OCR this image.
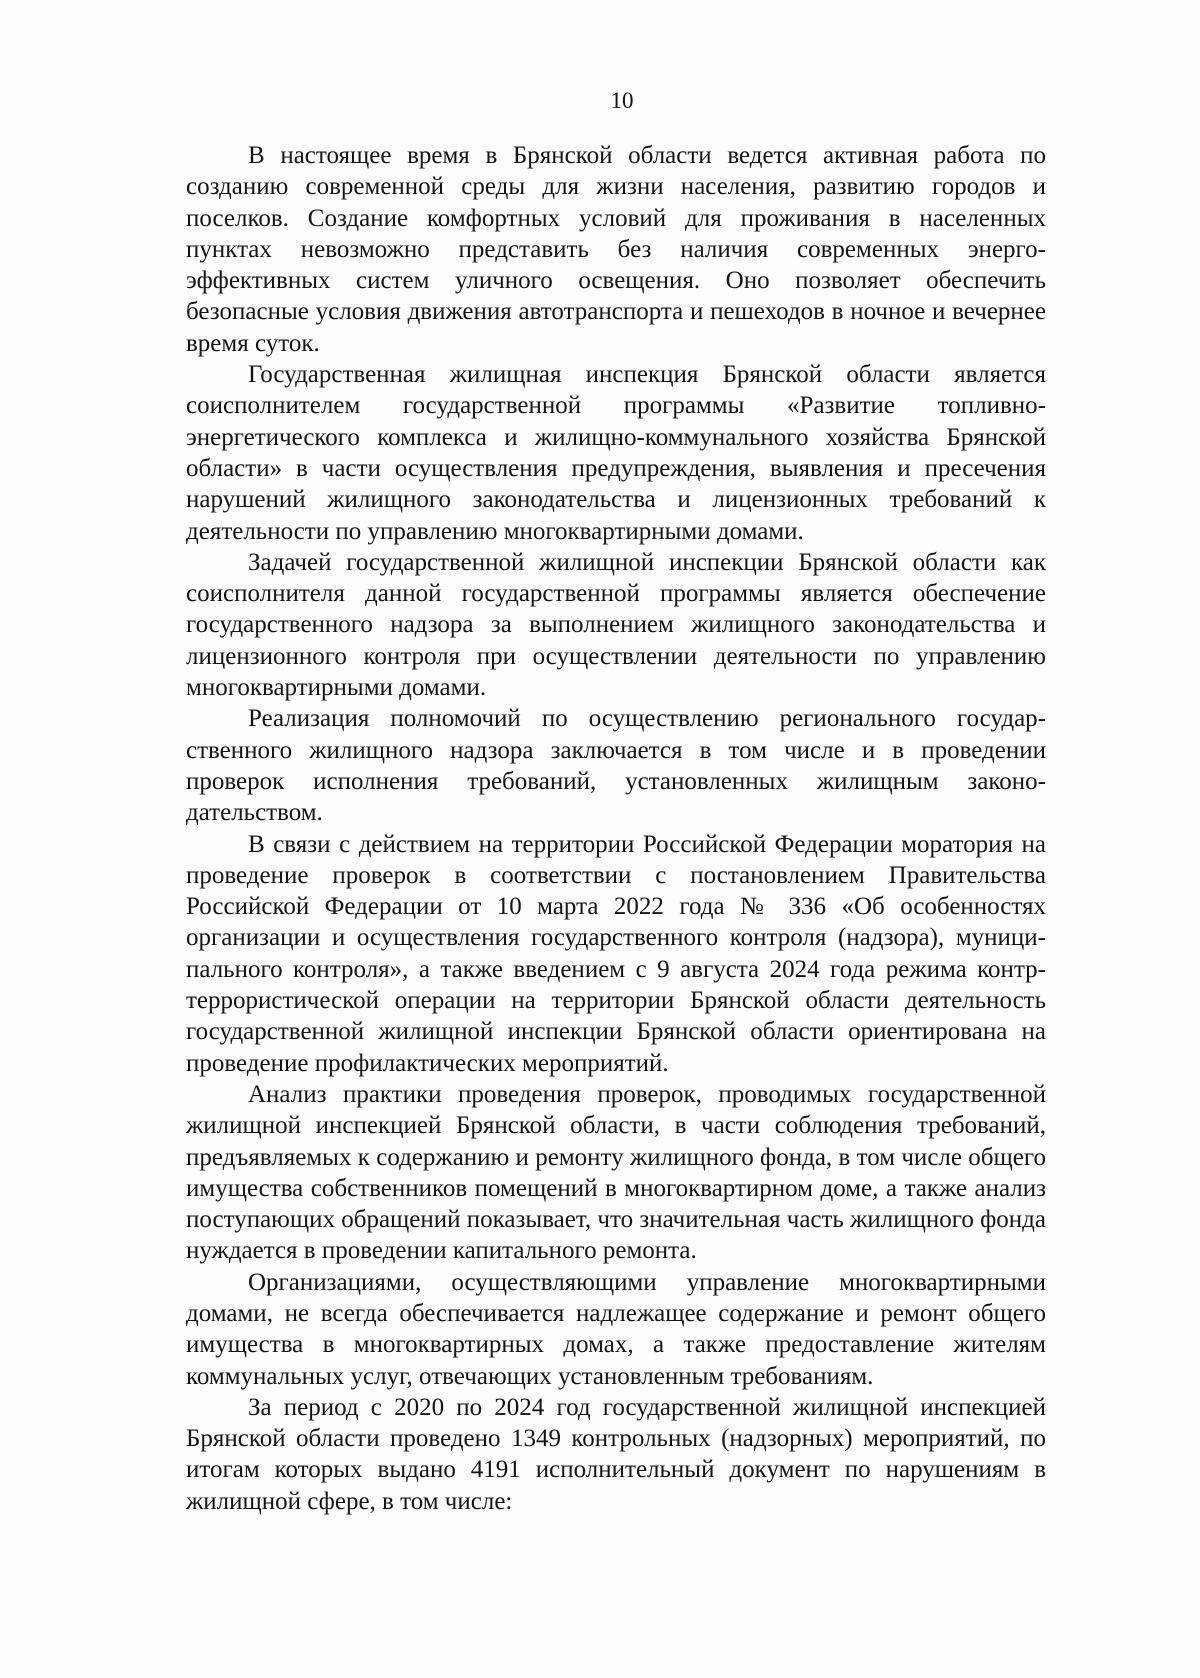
10

В настоящее время в Брянской области ведется активная работа по созданию современной среды для жизни населения, развитию городов и поселков. Создание комфортных условий для проживания в населенных пунктах невозможно представить без наличия современных энерго-эффективных систем уличного освещения. Оно позволяет обеспечить безопасные условия движения автотранспорта и пешеходов в ночное и вечернее время суток.

Государственная жилищная инспекция Брянской области является соисполнителем государственной программы «Развитие топливно-энергетического комплекса и жилищно-коммунального хозяйства Брянской области» в части осуществления предупреждения, выявления и пресечения нарушений жилищного законодательства и лицензионных требований к деятельности по управлению многоквартирными домами.

Задачей государственной жилищной инспекции Брянской области как соисполнителя данной государственной программы является обеспечение государственного надзора за выполнением жилищного законодательства и лицензионного контроля при осуществлении деятельности по управлению многоквартирными домами.

Реализация полномочий по осуществлению регионального государ-ственного жилищного надзора заключается в том числе и в проведении проверок исполнения требований, установленных жилищным законо-дательством.

В связи с действием на территории Российской Федерации моратория на проведение проверок в соответствии с постановлением Правительства Российской Федерации от 10 марта 2022 года № 336 «Об особенностях организации и осуществления государственного контроля (надзора), муници-пального контроля», а также введением с 9 августа 2024 года режима контр-террористической операции на территории Брянской области деятельность государственной жилищной инспекции Брянской области ориентирована на проведение профилактических мероприятий.

Анализ практики проведения проверок, проводимых государственной жилищной инспекцией Брянской области, в части соблюдения требований, предъявляемых к содержанию и ремонту жилищного фонда, в том числе общего имущества собственников помещений в многоквартирном доме, а также анализ поступающих обращений показывает, что значительная часть жилищного фонда нуждается в проведении капитального ремонта.

Организациями, осуществляющими управление многоквартирными домами, не всегда обеспечивается надлежащее содержание и ремонт общего имущества в многоквартирных домах, а также предоставление жителям коммунальных услуг, отвечающих установленным требованиям.

За период с 2020 по 2024 год государственной жилищной инспекцией Брянской области проведено 1349 контрольных (надзорных) мероприятий, по итогам которых выдано 4191 исполнительный документ по нарушениям в жилищной сфере, в том числе:
